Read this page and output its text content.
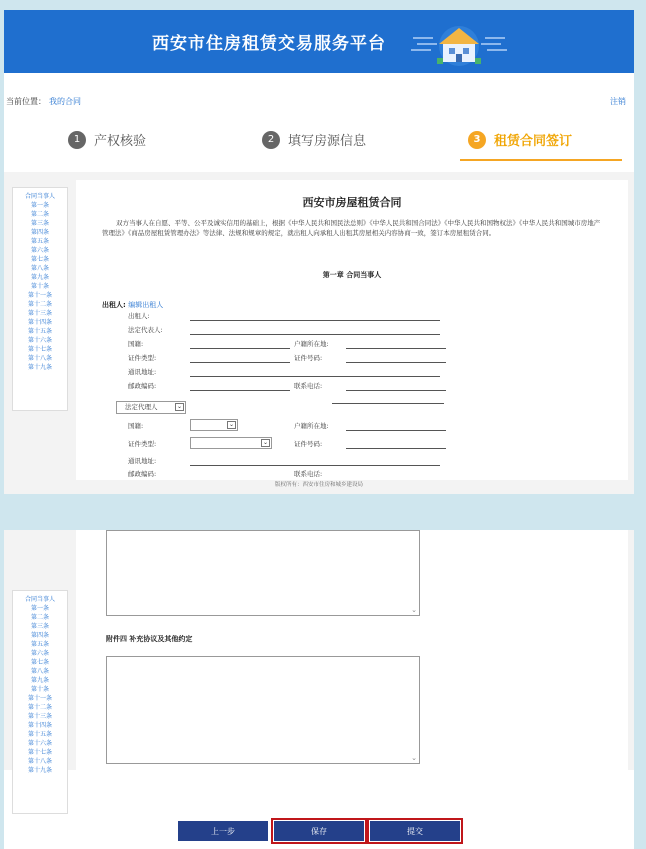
西安市住房租赁交易服务平台
当前位置： 我的合同	注销
1	产权核验	2	填写房源信息	3	租赁合同签订
合同当事人
第一条
第二条
第三条
第四条
第五条
第六条
第七条
第八条
第九条
第十条
第十一条
第十二条
第十三条
第十四条
第十五条
第十六条
第十七条
第十八条
第十九条
西安市房屋租赁合同
双方当事人在自愿、平等、公平及诚实信用的基础上，根据《中华人民共和国民法总则》《中华人民共和国合同法》《中华人民共和国物权法》《中华人民共和国城市房地产管理法》《商品房屋租赁管理办法》等法律、法规和规章的规定，就出租人向承租人出租其房屋相关内容协商一致，签订本房屋租赁合同。
第一章 合同当事人
出租人: 编辑出租人
出租人:
法定代表人:
国籍:	户籍所在地:
证件类型:	证件号码:
通讯地址:
邮政编码:	联系电话:
法定代理人	⌄
国籍:	⌄	户籍所在地:
证件类型:	⌄	证件号码:
通讯地址:
邮政编码:	联系电话:
版权所有：西安市住房和城乡建设局
⌄
附件四 补充协议及其他约定
⌄
合同当事人
第一条
第二条
第三条
第四条
第五条
第六条
第七条
第八条
第九条
第十条
第十一条
第十二条
第十三条
第十四条
第十五条
第十六条
第十七条
第十八条
第十九条
上一步	保存	提交
